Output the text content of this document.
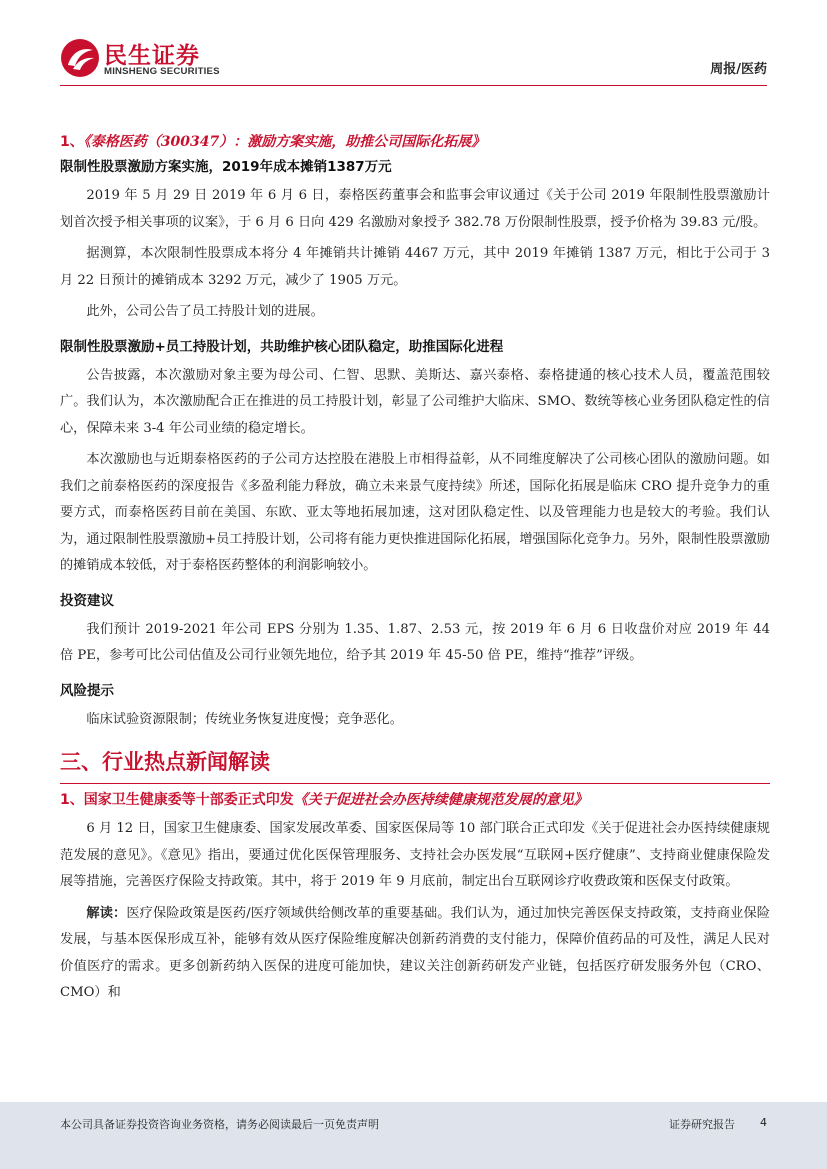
民生证券
MINSHENG SECURITIES	周报/医药

1、《泰格医药（300347）：激励方案实施，助推公司国际化拓展》

限制性股票激励方案实施，2019年成本摊销1387万元

2019 年 5 月 29 日 2019 年 6 月 6 日，泰格医药董事会和监事会审议通过《关于公司 2019 年限制性股票激励计划首次授予相关事项的议案》，于 6 月 6 日向 429 名激励对象授予 382.78 万份限制性股票，授予价格为 39.83 元/股。

据测算，本次限制性股票成本将分 4 年摊销共计摊销 4467 万元，其中 2019 年摊销 1387 万元，相比于公司于 3 月 22 日预计的摊销成本 3292 万元，减少了 1905 万元。

此外，公司公告了员工持股计划的进展。

限制性股票激励+员工持股计划，共助维护核心团队稳定，助推国际化进程

公告披露，本次激励对象主要为母公司、仁智、思默、美斯达、嘉兴泰格、泰格捷通的核心技术人员，覆盖范围较广。我们认为，本次激励配合正在推进的员工持股计划，彰显了公司维护大临床、SMO、数统等核心业务团队稳定性的信心，保障未来 3-4 年公司业绩的稳定增长。

本次激励也与近期泰格医药的子公司方达控股在港股上市相得益彰，从不同维度解决了公司核心团队的激励问题。如我们之前泰格医药的深度报告《多盈利能力释放，确立未来景气度持续》所述，国际化拓展是临床 CRO 提升竞争力的重要方式，而泰格医药目前在美国、东欧、亚太等地拓展加速，这对团队稳定性、以及管理能力也是较大的考验。我们认为，通过限制性股票激励+员工持股计划，公司将有能力更快推进国际化拓展，增强国际化竞争力。另外，限制性股票激励的摊销成本较低，对于泰格医药整体的利润影响较小。

投资建议

我们预计 2019-2021 年公司 EPS 分别为 1.35、1.87、2.53 元，按 2019 年 6 月 6 日收盘价对应 2019 年 44 倍 PE，参考可比公司估值及公司行业领先地位，给予其 2019 年 45-50 倍 PE，维持“推荐”评级。

风险提示

临床试验资源限制；传统业务恢复进度慢；竞争恶化。

三、行业热点新闻解读

1、国家卫生健康委等十部委正式印发《关于促进社会办医持续健康规范发展的意见》

6 月 12 日，国家卫生健康委、国家发展改革委、国家医保局等 10 部门联合正式印发《关于促进社会办医持续健康规范发展的意见》。《意见》指出，要通过优化医保管理服务、支持社会办医发展“互联网+医疗健康”、支持商业健康保险发展等措施，完善医疗保险支持政策。其中，将于 2019 年 9 月底前，制定出台互联网诊疗收费政策和医保支付政策。

解读：医疗保险政策是医药/医疗领域供给侧改革的重要基础。我们认为，通过加快完善医保支持政策，支持商业保险发展，与基本医保形成互补，能够有效从医疗保险维度解决创新药消费的支付能力，保障价值药品的可及性，满足人民对价值医疗的需求。更多创新药纳入医保的进度可能加快，建议关注创新药研发产业链，包括医疗研发服务外包（CRO、CMO）和

本公司具备证券投资咨询业务资格，请务必阅读最后一页免责声明	证券研究报告 4
